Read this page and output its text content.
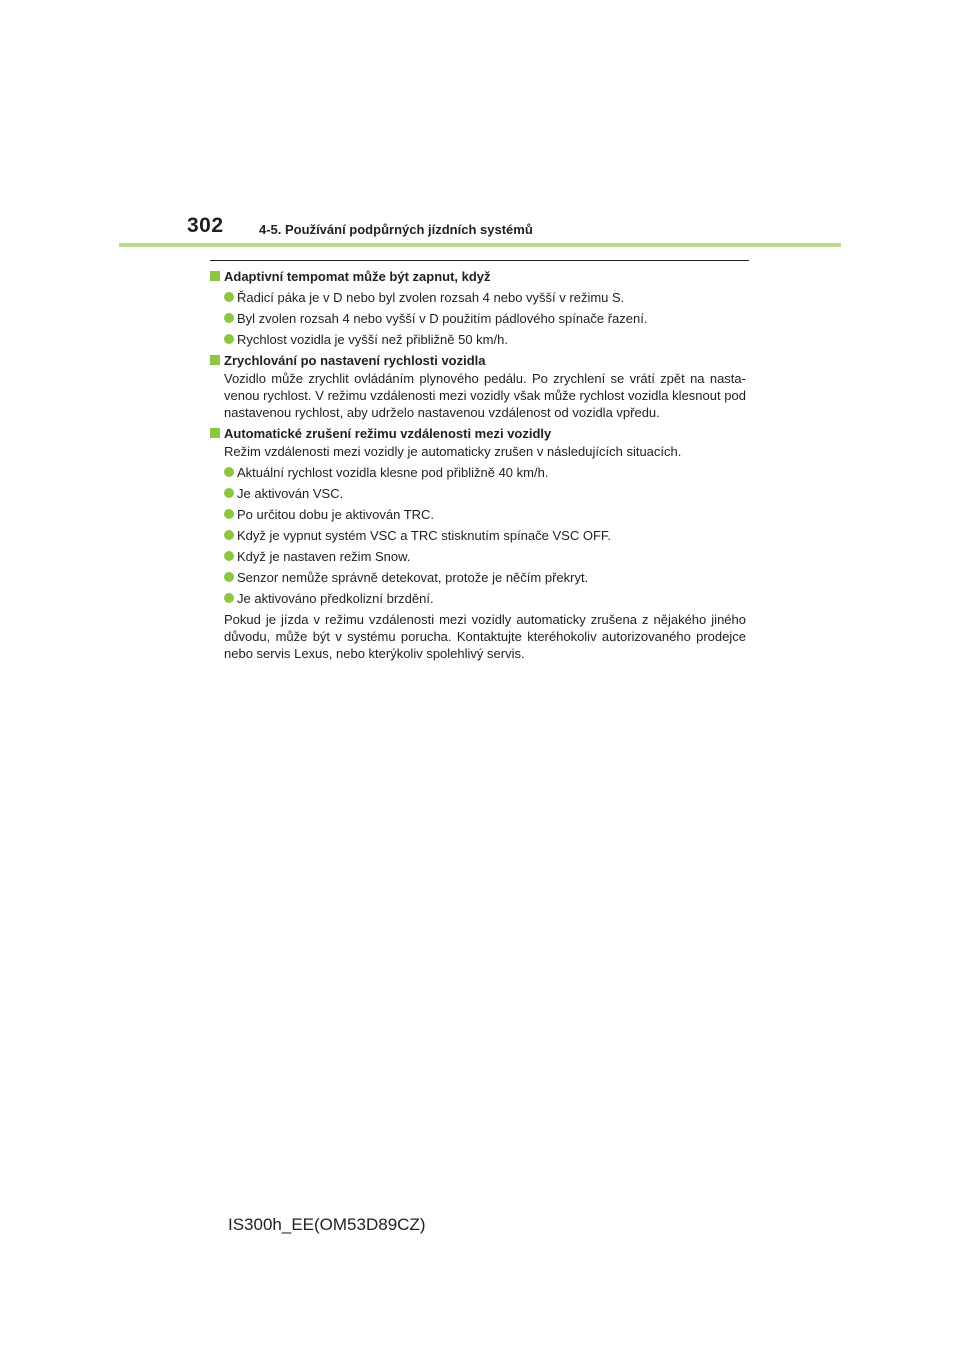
302	4-5. Používání podpůrných jízdních systémů
Adaptivní tempomat může být zapnut, když
Řadicí páka je v D nebo byl zvolen rozsah 4 nebo vyšší v režimu S.
Byl zvolen rozsah 4 nebo vyšší v D použitím pádlového spínače řazení.
Rychlost vozidla je vyšší než přibližně 50 km/h.
Zrychlování po nastavení rychlosti vozidla
Vozidlo může zrychlit ovládáním plynového pedálu. Po zrychlení se vrátí zpět na nastavenou rychlost. V režimu vzdálenosti mezi vozidly však může rychlost vozidla klesnout pod nastavenou rychlost, aby udrželo nastavenou vzdálenost od vozidla vpředu.
Automatické zrušení režimu vzdálenosti mezi vozidly
Režim vzdálenosti mezi vozidly je automaticky zrušen v následujících situacích.
Aktuální rychlost vozidla klesne pod přibližně 40 km/h.
Je aktivován VSC.
Po určitou dobu je aktivován TRC.
Když je vypnut systém VSC a TRC stisknutím spínače VSC OFF.
Když je nastaven režim Snow.
Senzor nemůže správně detekovat, protože je něčím překryt.
Je aktivováno předkolizní brzdění.
Pokud je jízda v režimu vzdálenosti mezi vozidly automaticky zrušena z nějakého jiného důvodu, může být v systému porucha. Kontaktujte kteréhokoliv autorizovaného prodejce nebo servis Lexus, nebo kterýkoliv spolehlivý servis.
IS300h_EE(OM53D89CZ)
